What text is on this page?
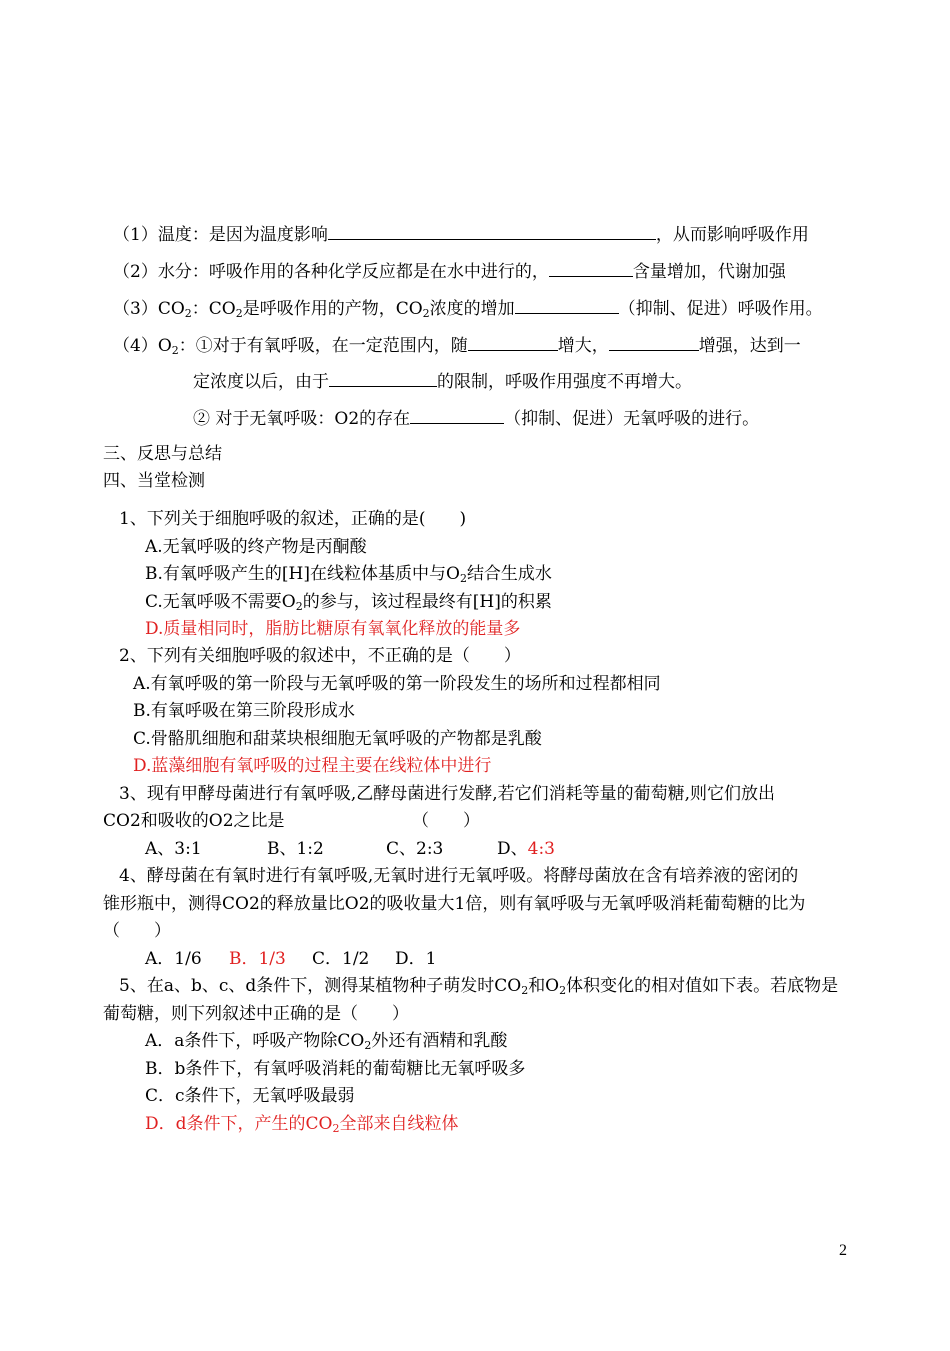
（1）温度：是因为温度影响	，从而影响呼吸作用
（2）水分：呼吸作用的各种化学反应都是在水中进行的，	含量增加，代谢加强
$(3)CO_2$：$CO_2$是呼吸作用的产物，$CO_2$浓度的增加	（抑制、促进）呼吸作用。
$(4)O_2$：①对于有氧呼吸，在一定范围内，随	增大，	增强，达到一
定浓度以后，由于	的限制，呼吸作用强度不再增大。
② 对于无氧呼吸：O2的存在	（抑制、促进）无氧呼吸的进行。
三、反思与总结
四、当堂检测
1、下列关于细胞呼吸的叙述，正确的是(　　)
A.无氧呼吸的终产物是丙酮酸
B.有氧呼吸产生的[H]在线粒体基质中与$O_2$结合生成水
C.无氧呼吸不需要$O_2$的参与，该过程最终有[H]的积累
D.质量相同时，脂肪比糖原有氧氧化释放的能量多
2、下列有关细胞呼吸的叙述中，不正确的是（　　）
A.有氧呼吸的第一阶段与无氧呼吸的第一阶段发生的场所和过程都相同
B.有氧呼吸在第三阶段形成水
C.骨骼肌细胞和甜菜块根细胞无氧呼吸的产物都是乳酸
D.蓝藻细胞有氧呼吸的过程主要在线粒体中进行
3、现有甲酵母菌进行有氧呼吸,乙酵母菌进行发酵,若它们消耗等量的葡萄糖,则它们放出
CO2和吸收的O2之比是　　　　　　　　（　　）
A、3:1	B、1:2	C、2:3	D、4:3
4、酵母菌在有氧时进行有氧呼吸,无氧时进行无氧呼吸。将酵母菌放在含有培养液的密闭的
锥形瓶中，测得CO2的释放量比O2的吸收量大1倍，则有氧呼吸与无氧呼吸消耗葡萄糖的比为
（　　）
A．1/6 B．1/3 C．1/2 D．1
5、在a、b、c、d条件下，测得某植物种子萌发时$CO_2$和$O_2$体积变化的相对值如下表。若底物是
葡萄糖，则下列叙述中正确的是（　　）
A．a条件下，呼吸产物除$CO_2$外还有酒精和乳酸
B．b条件下，有氧呼吸消耗的葡萄糖比无氧呼吸多
C．c条件下，无氧呼吸最弱
D．d条件下，产生的$CO_2$全部来自线粒体
2
